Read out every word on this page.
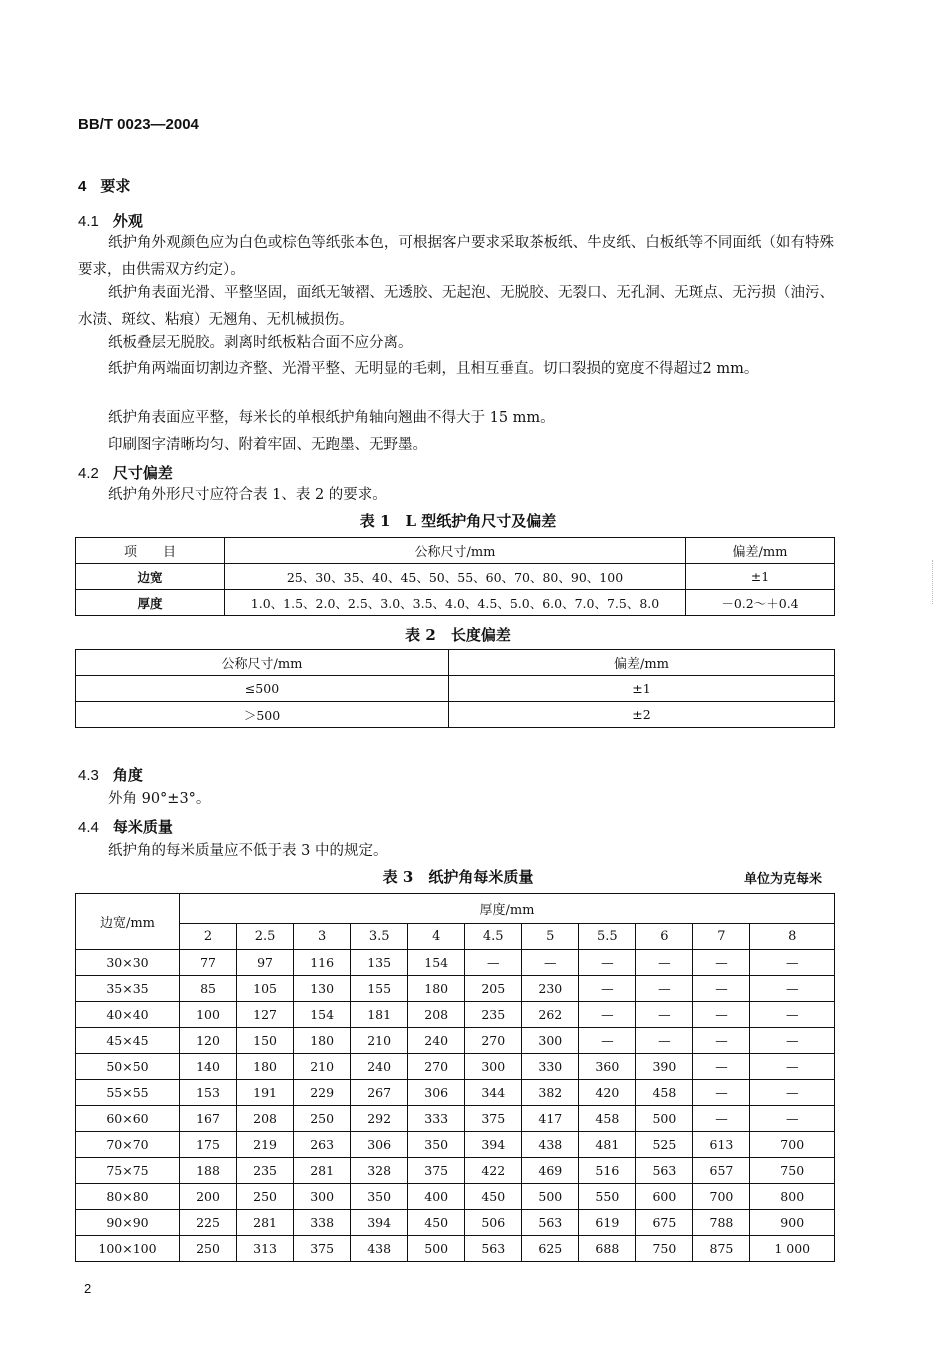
BB/T 0023—2004
4 要求
4.1 外观
纸护角外观颜色应为白色或棕色等纸张本色，可根据客户要求采取茶板纸、牛皮纸、白板纸等不同面纸（如有特殊要求，由供需双方约定）。
纸护角表面光滑、平整坚固，面纸无皱褶、无透胶、无起泡、无脱胶、无裂口、无孔洞、无斑点、无污损（油污、水渍、斑纹、粘痕）无翘角、无机械损伤。
纸板叠层无脱胶。剥离时纸板粘合面不应分离。
纸护角两端面切割边齐整、光滑平整、无明显的毛刺，且相互垂直。切口裂损的宽度不得超过2 mm。
纸护角表面应平整，每米长的单根纸护角轴向翘曲不得大于 15 mm。
印刷图字清晰均匀、附着牢固、无跑墨、无野墨。
4.2 尺寸偏差
纸护角外形尺寸应符合表 1、表 2 的要求。
表 1　L 型纸护角尺寸及偏差
项　　目	公称尺寸/mm	偏差/mm
边宽	25、30、35、40、45、50、55、60、70、80、90、100	±1
厚度	1.0、1.5、2.0、2.5、3.0、3.5、4.0、4.5、5.0、6.0、7.0、7.5、8.0	－0.2～＋0.4
表 2　长度偏差
公称尺寸/mm	偏差/mm
≤500	±1
＞500	±2
4.3 角度
外角 90°±3°。
4.4 每米质量
纸护角的每米质量应不低于表 3 中的规定。
表 3　纸护角每米质量	单位为克每米
边宽/mm	厚度/mm										
	2	2.5	3	3.5	4	4.5	5	5.5	6	7	8
30×30	77	97	116	135	154	—	—	—	—	—	—
35×35	85	105	130	155	180	205	230	—	—	—	—
40×40	100	127	154	181	208	235	262	—	—	—	—
45×45	120	150	180	210	240	270	300	—	—	—	—
50×50	140	180	210	240	270	300	330	360	390	—	—
55×55	153	191	229	267	306	344	382	420	458	—	—
60×60	167	208	250	292	333	375	417	458	500	—	—
70×70	175	219	263	306	350	394	438	481	525	613	700
75×75	188	235	281	328	375	422	469	516	563	657	750
80×80	200	250	300	350	400	450	500	550	600	700	800
90×90	225	281	338	394	450	506	563	619	675	788	900
100×100	250	313	375	438	500	563	625	688	750	875	1 000
2
